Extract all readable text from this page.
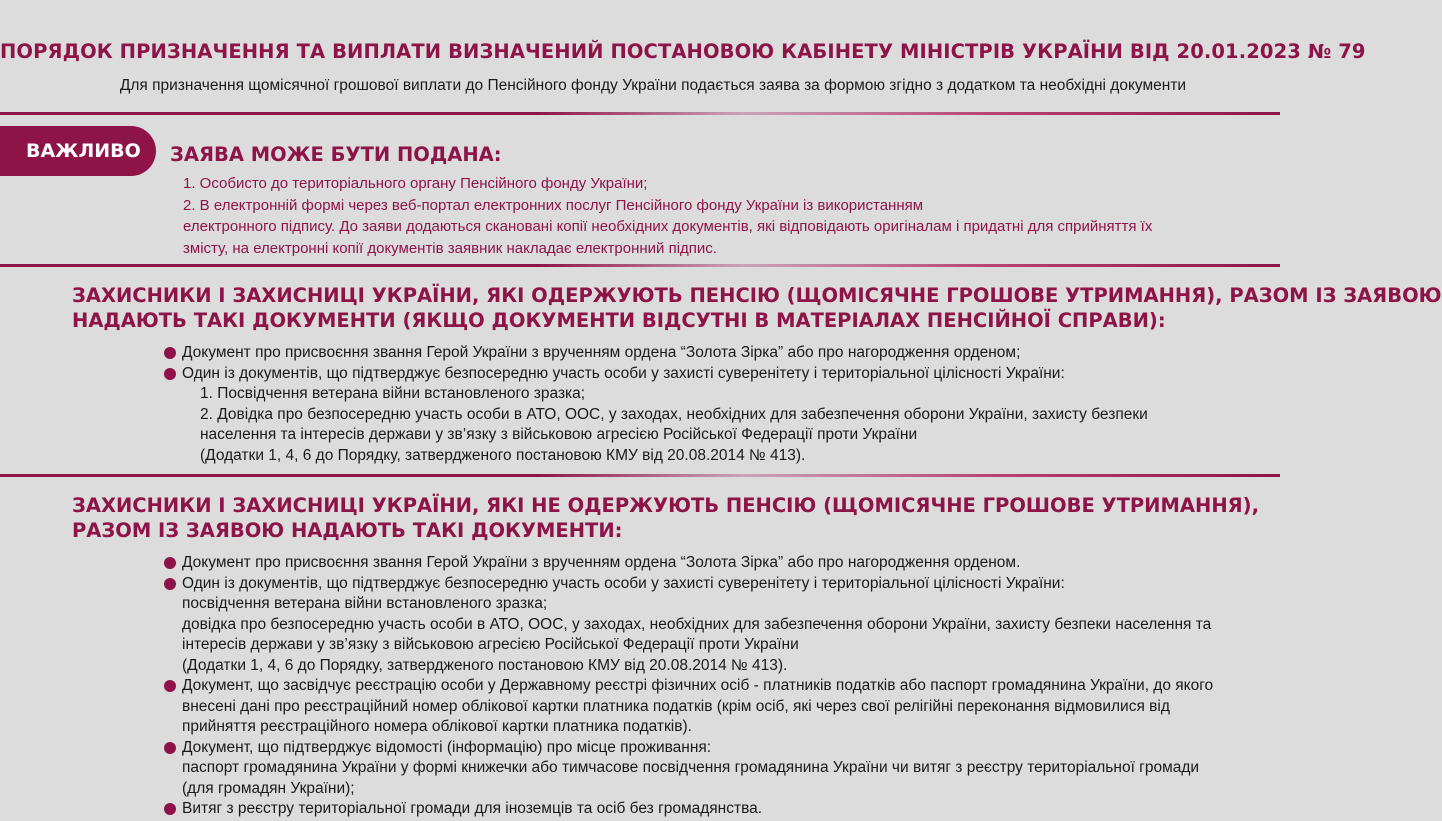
ПОРЯДОК ПРИЗНАЧЕННЯ ТА ВИПЛАТИ ВИЗНАЧЕНИЙ ПОСТАНОВОЮ КАБІНЕТУ МІНІСТРІВ УКРАЇНИ ВІД 20.01.2023 № 79
Для призначення щомісячної грошової виплати до Пенсійного фонду України подається заява за формою згідно з додатком та необхідні документи
ВАЖЛИВО	ЗАЯВА МОЖЕ БУТИ ПОДАНА:
1. Особисто до територіального органу Пенсійного фонду України;
2. В електронній формі через веб-портал електронних послуг Пенсійного фонду України із використанням
електронного підпису. До заяви додаються скановані копії необхідних документів, які відповідають оригіналам і придатні для сприйняття їх
змісту, на електронні копії документів заявник накладає електронний підпис.
ЗАХИСНИКИ І ЗАХИСНИЦІ УКРАЇНИ, ЯКІ ОДЕРЖУЮТЬ ПЕНСІЮ (ЩОМІСЯЧНЕ ГРОШОВЕ УТРИМАННЯ), РАЗОМ ІЗ ЗАЯВОЮ
НАДАЮТЬ ТАКІ ДОКУМЕНТИ (ЯКЩО ДОКУМЕНТИ ВІДСУТНІ В МАТЕРІАЛАХ ПЕНСІЙНОЇ СПРАВИ):
Документ про присвоєння звання Герой України з врученням ордена “Золота Зірка” або про нагородження орденом;
Один із документів, що підтверджує безпосередню участь особи у захисті суверенітету і територіальної цілісності України:
1. Посвідчення ветерана війни встановленого зразка;
2. Довідка про безпосередню участь особи в АТО, ООС, у заходах, необхідних для забезпечення оборони України, захисту безпеки
населення та інтересів держави у зв’язку з військовою агресією Російської Федерації проти України
(Додатки 1, 4, 6 до Порядку, затвердженого постановою КМУ від 20.08.2014 № 413).
ЗАХИСНИКИ І ЗАХИСНИЦІ УКРАЇНИ, ЯКІ НЕ ОДЕРЖУЮТЬ ПЕНСІЮ (ЩОМІСЯЧНЕ ГРОШОВЕ УТРИМАННЯ),
РАЗОМ ІЗ ЗАЯВОЮ НАДАЮТЬ ТАКІ ДОКУМЕНТИ:
Документ про присвоєння звання Герой України з врученням ордена “Золота Зірка” або про нагородження орденом.
Один із документів, що підтверджує безпосередню участь особи у захисті суверенітету і територіальної цілісності України:
посвідчення ветерана війни встановленого зразка;
довідка про безпосередню участь особи в АТО, ООС, у заходах, необхідних для забезпечення оборони України, захисту безпеки населення та
інтересів держави у зв’язку з військовою агресією Російської Федерації проти України
(Додатки 1, 4, 6 до Порядку, затвердженого постановою КМУ від 20.08.2014 № 413).
Документ, що засвідчує реєстрацію особи у Державному реєстрі фізичних осіб - платників податків або паспорт громадянина України, до якого
внесені дані про реєстраційний номер облікової картки платника податків (крім осіб, які через свої релігійні переконання відмовилися від
прийняття реєстраційного номера облікової картки платника податків).
Документ, що підтверджує відомості (інформацію) про місце проживання:
паспорт громадянина України у формі книжечки або тимчасове посвідчення громадянина України чи витяг з реєстру територіальної громади
(для громадян України);
Витяг з реєстру територіальної громади для іноземців та осіб без громадянства.
